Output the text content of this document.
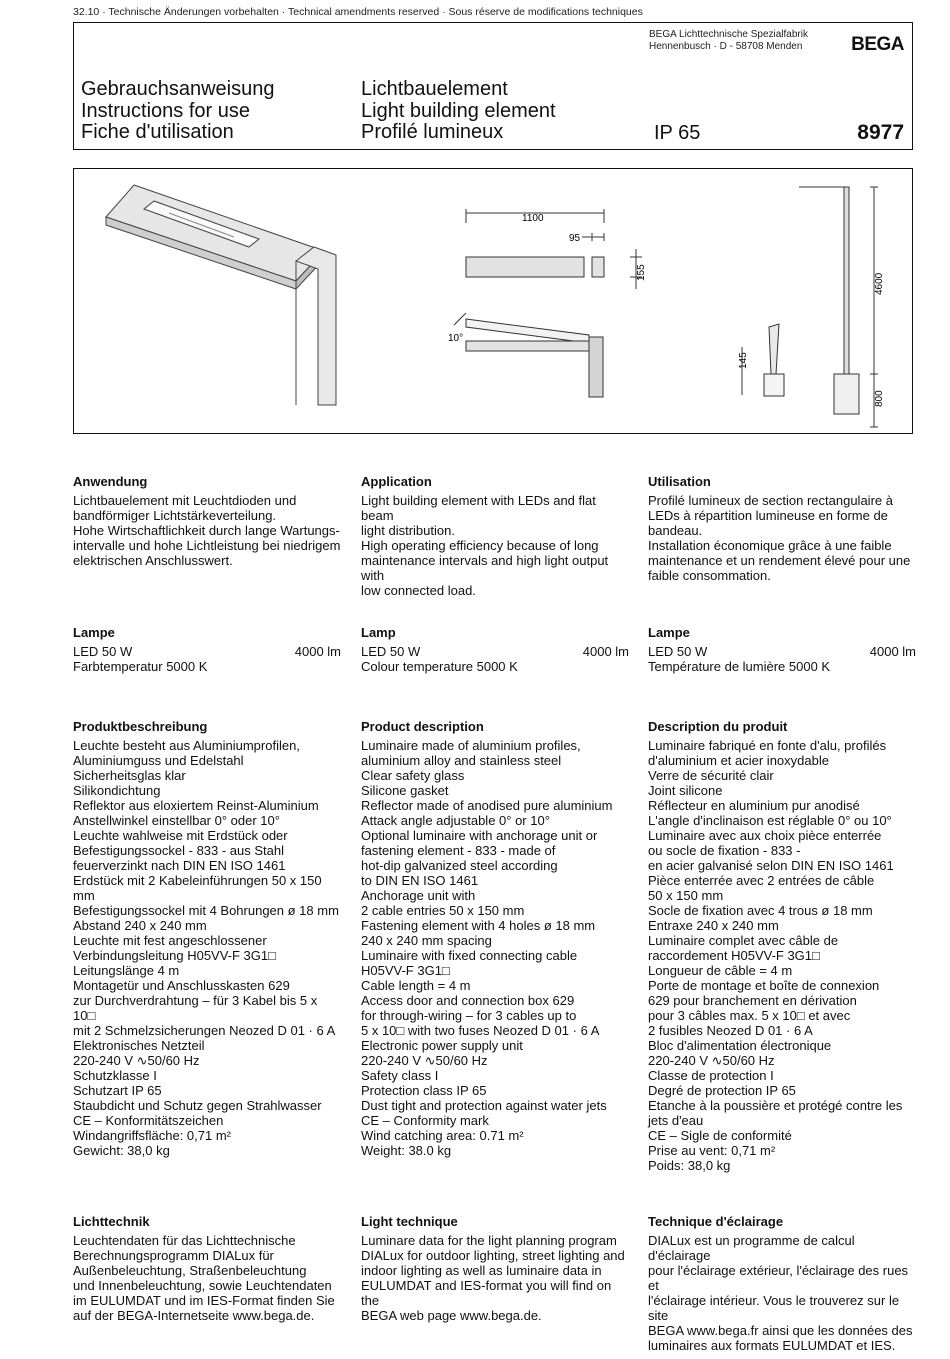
32.10 · Technische Änderungen vorbehalten · Technical amendments reserved · Sous réserve de modifications techniques
BEGA Lichttechnische Spezialfabrik
Hennenbusch · D - 58708 Menden	BEGA
Gebrauchsanweisung
Instructions for use
Fiche d'utilisation
Lichtbauelement
Light building element
Profilé lumineux	IP 65	8977
1100
95
155
10°
145
4600
800
Anwendung
Lichtbauelement mit Leuchtdioden und
bandförmiger Lichtstärkeverteilung.
Hohe Wirtschaftlichkeit durch lange Wartungs-
intervalle und hohe Lichtleistung bei niedrigem
elektrischen Anschlusswert.
Application
Light building element with LEDs and flat beam
light distribution.
High operating efficiency because of long
maintenance intervals and high light output with
low connected load.
Utilisation
Profilé lumineux de section rectangulaire à
LEDs à répartition lumineuse en forme de
bandeau.
Installation économique grâce à une faible
maintenance et un rendement élevé pour une
faible consommation.
Lampe
LED 50 W	4000 lm
Farbtemperatur 5000 K
Lamp
LED 50 W	4000 lm
Colour temperature 5000 K
Lampe
LED 50 W	4000 lm
Température de lumière 5000 K
Produktbeschreibung
Leuchte besteht aus Aluminiumprofilen,
Aluminiumguss und Edelstahl
Sicherheitsglas klar
Silikondichtung
Reflektor aus eloxiertem Reinst-Aluminium
Anstellwinkel einstellbar 0° oder 10°
Leuchte wahlweise mit Erdstück oder
Befestigungssockel - 833 - aus Stahl
feuerverzinkt nach DIN EN ISO 1461
Erdstück mit 2 Kabeleinführungen 50 x 150 mm
Befestigungssockel mit 4 Bohrungen ø 18 mm
Abstand 240 x 240 mm
Leuchte mit fest angeschlossener
Verbindungsleitung H05VV-F 3G1□
Leitungslänge 4 m
Montagetür und Anschlusskasten 629
zur Durchverdrahtung – für 3 Kabel bis 5 x 10□
mit 2 Schmelzsicherungen Neozed D 01 · 6 A
Elektronisches Netzteil
220-240 V ∿50/60 Hz
Schutzklasse I
Schutzart IP 65
Staubdicht und Schutz gegen Strahlwasser
CE – Konformitätszeichen
Windangriffsfläche: 0,71 m²
Gewicht: 38,0 kg
Product description
Luminaire made of aluminium profiles,
aluminium alloy and stainless steel
Clear safety glass
Silicone gasket
Reflector made of anodised pure aluminium
Attack angle adjustable 0° or 10°
Optional luminaire with anchorage unit or
fastening element - 833 - made of
hot-dip galvanized steel according
to DIN EN ISO 1461
Anchorage unit with
2 cable entries 50 x 150 mm
Fastening element with 4 holes ø 18 mm
240 x 240 mm spacing
Luminaire with fixed connecting cable
H05VV-F 3G1□
Cable length = 4 m
Access door and connection box 629
for through-wiring – for 3 cables up to
5 x 10□ with two fuses Neozed D 01 · 6 A
Electronic power supply unit
220-240 V ∿50/60 Hz
Safety class I
Protection class IP 65
Dust tight and protection against water jets
CE – Conformity mark
Wind catching area: 0.71 m²
Weight: 38.0 kg
Description du produit
Luminaire fabriqué en fonte d'alu, profilés
d'aluminium et acier inoxydable
Verre de sécurité clair
Joint silicone
Réflecteur en aluminium pur anodisé
L'angle d'inclinaison est réglable 0° ou 10°
Luminaire avec aux choix pièce enterrée
ou socle de fixation - 833 -
en acier galvanisé selon DIN EN ISO 1461
Pièce enterrée avec 2 entrées de câble
50 x 150 mm
Socle de fixation avec 4 trous ø 18 mm
Entraxe 240 x 240 mm
Luminaire complet avec câble de
raccordement H05VV-F 3G1□
Longueur de câble = 4 m
Porte de montage et boîte de connexion
629 pour branchement en dérivation
pour 3 câbles max. 5 x 10□ et avec
2 fusibles Neozed D 01 · 6 A
Bloc d'alimentation électronique
220-240 V ∿50/60 Hz
Classe de protection I
Degré de protection IP 65
Etanche à la poussière et protégé contre les
jets d'eau
CE – Sigle de conformité
Prise au vent: 0,71 m²
Poids: 38,0 kg
Lichttechnik
Leuchtendaten für das Lichttechnische
Berechnungsprogramm DIALux für
Außenbeleuchtung, Straßenbeleuchtung
und Innenbeleuchtung, sowie Leuchtendaten
im EULUMDAT und im IES-Format finden Sie
auf der BEGA-Internetseite www.bega.de.
Light technique
Luminare data for the light planning program
DIALux for outdoor lighting, street lighting and
indoor lighting as well as luminaire data in
EULUMDAT and IES-format you will find on the
BEGA web page www.bega.de.
Technique d'éclairage
DIALux est un programme de calcul d'éclairage
pour l'éclairage extérieur, l'éclairage des rues et
l'éclairage intérieur. Vous le trouverez sur le site
BEGA www.bega.fr ainsi que les données des
luminaires aux formats EULUMDAT et IES.
